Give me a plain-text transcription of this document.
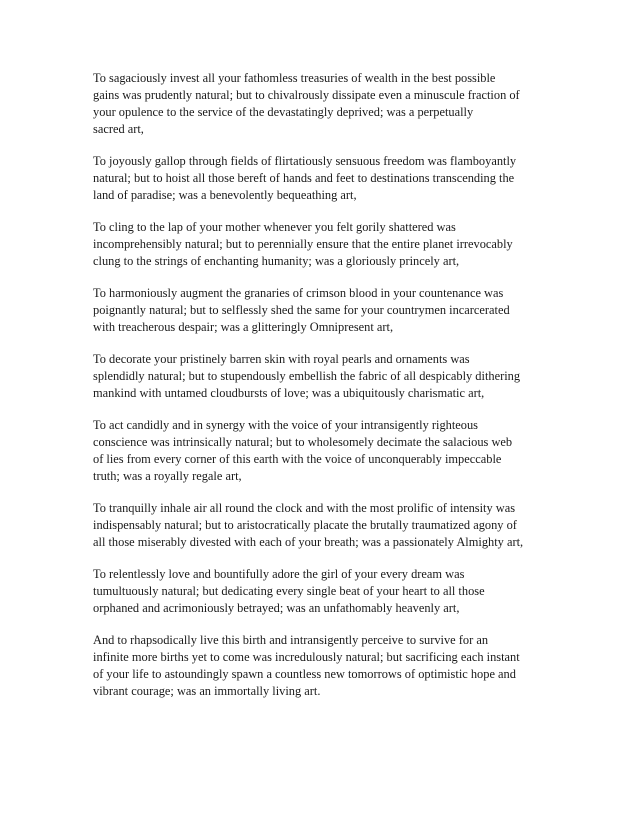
To sagaciously invest all your fathomless treasuries of wealth in the best possible
gains was prudently natural; but to chivalrously dissipate even a minuscule fraction of
your opulence to the service of the devastatingly deprived; was a perpetually
sacred art,

To joyously gallop through fields of flirtatiously sensuous freedom was flamboyantly
natural; but to hoist all those bereft of hands and feet to destinations transcending the
land of paradise; was a benevolently bequeathing art,

To cling to the lap of your mother whenever you felt gorily shattered was
incomprehensibly natural; but to perennially ensure that the entire planet irrevocably
clung to the strings of enchanting humanity; was a gloriously princely art,

To harmoniously augment the granaries of crimson blood in your countenance was
poignantly natural; but to selflessly shed the same for your countrymen incarcerated
with treacherous despair; was a glitteringly Omnipresent art,

To decorate your pristinely barren skin with royal pearls and ornaments was
splendidly natural; but to stupendously embellish the fabric of all despicably dithering
mankind with untamed cloudbursts of love; was a ubiquitously charismatic art,

To act candidly and in synergy with the voice of your intransigently righteous
conscience was intrinsically natural; but to wholesomely decimate the salacious web
of lies from every corner of this earth with the voice of unconquerably impeccable
truth; was a royally regale art,

To tranquilly inhale air all round the clock and with the most prolific of intensity was
indispensably natural; but to aristocratically placate the brutally traumatized agony of
all those miserably divested with each of your breath; was a passionately Almighty art,

To relentlessly love and bountifully adore the girl of your every dream was
tumultuously natural; but dedicating every single beat of your heart to all those
orphaned and acrimoniously betrayed; was an unfathomably heavenly art,

And to rhapsodically live this birth and intransigently perceive to survive for an
infinite more births yet to come was incredulously natural; but sacrificing each instant
of your life to astoundingly spawn a countless new tomorrows of optimistic hope and
vibrant courage; was an immortally living art.
